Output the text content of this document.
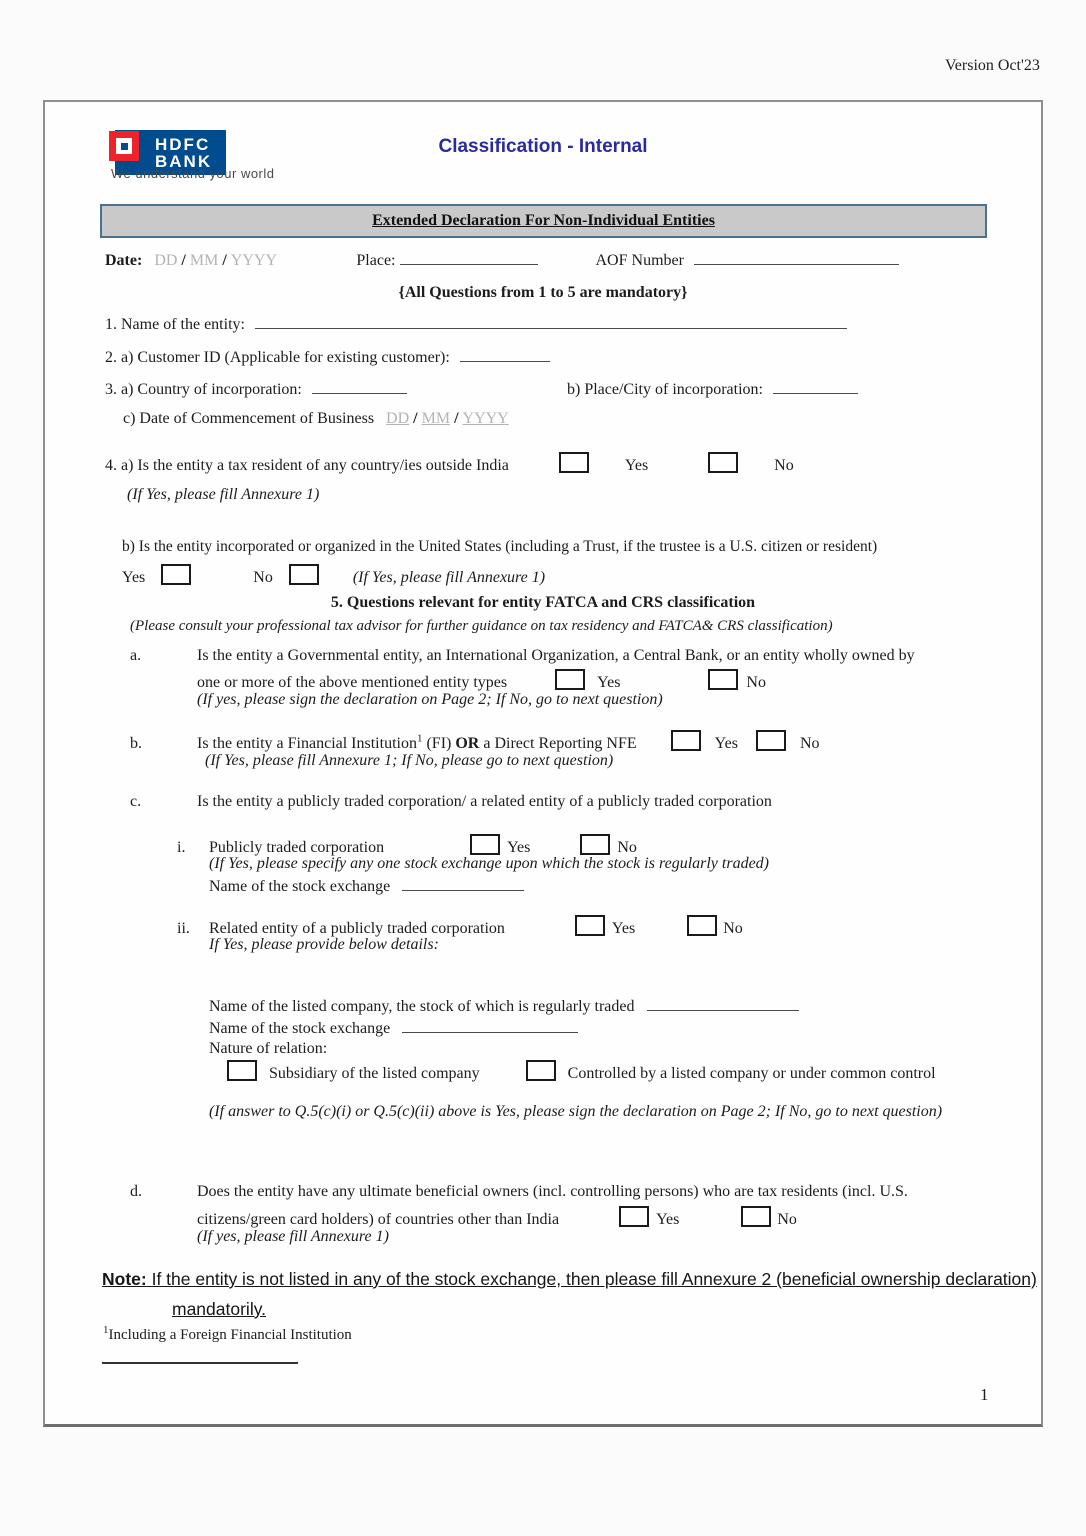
Version Oct'23
HDFC BANK
We understand your world
Classification - Internal
Extended Declaration For Non-Individual Entities
Date: DD / MM / YYYY	Place:	AOF Number
{All Questions from 1 to 5 are mandatory}
1. Name of the entity:
2. a) Customer ID (Applicable for existing customer):
3. a) Country of incorporation:	b) Place/City of incorporation:
c) Date of Commencement of Business DD / MM / YYYY
4. a) Is the entity a tax resident of any country/ies outside India	Yes	No
(If Yes, please fill Annexure 1)
b) Is the entity incorporated or organized in the United States (including a Trust, if the trustee is a U.S. citizen or resident)
Yes	No	(If Yes, please fill Annexure 1)
5. Questions relevant for entity FATCA and CRS classification
(Please consult your professional tax advisor for further guidance on tax residency and FATCA& CRS classification)
a.	Is the entity a Governmental entity, an International Organization, a Central Bank, or an entity wholly owned by
one or more of the above mentioned entity types	Yes	No
(If yes, please sign the declaration on Page 2; If No, go to next question)
b.	Is the entity a Financial Institution$^1$ (FI) OR a Direct Reporting NFE	Yes	No
(If Yes, please fill Annexure 1; If No, please go to next question)
c.	Is the entity a publicly traded corporation/ a related entity of a publicly traded corporation
i. Publicly traded corporation	Yes	No
(If Yes, please specify any one stock exchange upon which the stock is regularly traded)
Name of the stock exchange
ii. Related entity of a publicly traded corporation	Yes	No
If Yes, please provide below details:
Name of the listed company, the stock of which is regularly traded
Name of the stock exchange
Nature of relation:
Subsidiary of the listed company	Controlled by a listed company or under common control
(If answer to Q.5(c)(i) or Q.5(c)(ii) above is Yes, please sign the declaration on Page 2; If No, go to next question)
d.	Does the entity have any ultimate beneficial owners (incl. controlling persons) who are tax residents (incl. U.S.
citizens/green card holders) of countries other than India	Yes	No
(If yes, please fill Annexure 1)
Note: If the entity is not listed in any of the stock exchange, then please fill Annexure 2 (beneficial ownership declaration) mandatorily.
$^1$Including a Foreign Financial Institution
1
